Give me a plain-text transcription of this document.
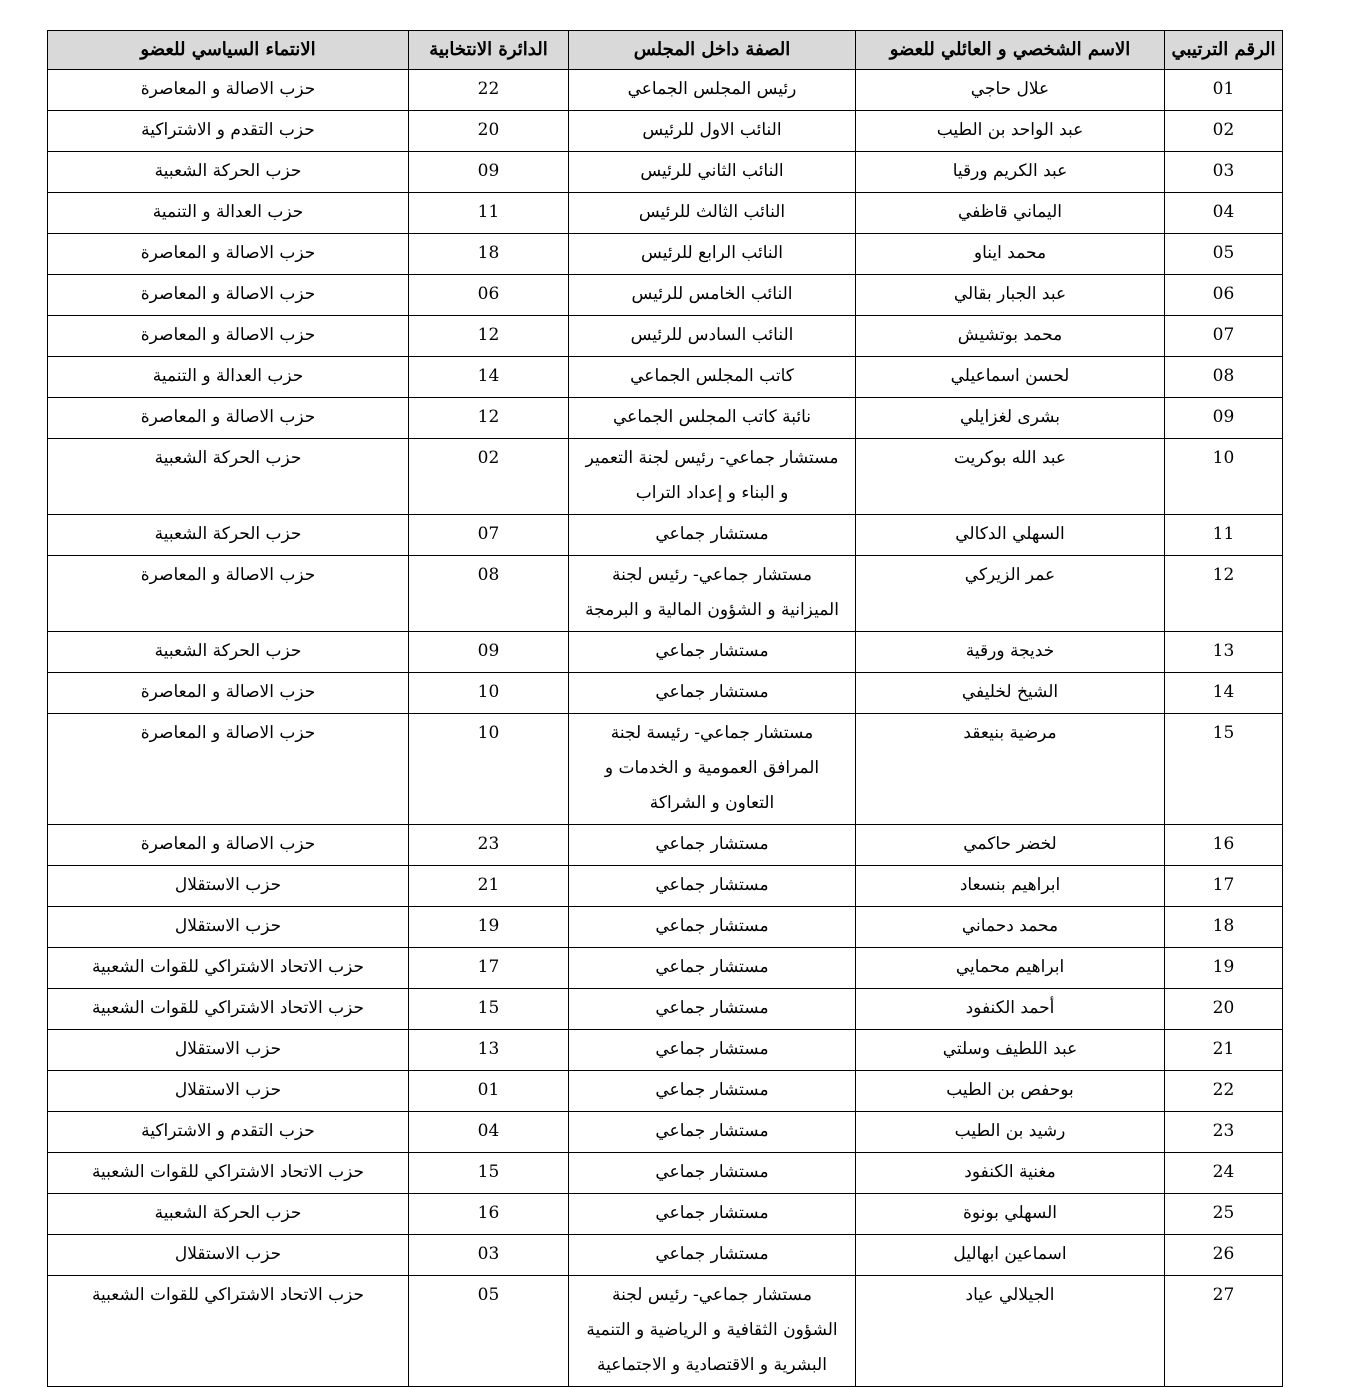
الرقم الترتيبي	الاسم الشخصي و العائلي للعضو	الصفة داخل المجلس	الدائرة الانتخابية	الانتماء السياسي للعضو
01	علال حاجي	رئيس المجلس الجماعي	22	حزب الاصالة و المعاصرة
02	عبد الواحد بن الطيب	النائب الاول للرئيس	20	حزب التقدم و الاشتراكية
03	عبد الكريم ورقيا	النائب الثاني للرئيس	09	حزب الحركة الشعبية
04	اليماني قاظفي	النائب الثالث للرئيس	11	حزب العدالة و التنمية
05	محمد ايناو	النائب الرابع للرئيس	18	حزب الاصالة و المعاصرة
06	عبد الجبار بقالي	النائب الخامس للرئيس	06	حزب الاصالة و المعاصرة
07	محمد بوتشيش	النائب السادس للرئيس	12	حزب الاصالة و المعاصرة
08	لحسن اسماعيلي	كاتب المجلس الجماعي	14	حزب العدالة و التنمية
09	بشرى لغزايلي	نائبة كاتب المجلس الجماعي	12	حزب الاصالة و المعاصرة
10	عبد الله بوكريت	مستشار جماعي- رئيس لجنة التعمير و البناء و إعداد التراب	02	حزب الحركة الشعبية
11	السهلي الدكالي	مستشار جماعي	07	حزب الحركة الشعبية
12	عمر الزيركي	مستشار جماعي- رئيس لجنة الميزانية و الشؤون المالية و البرمجة	08	حزب الاصالة و المعاصرة
13	خديجة ورقية	مستشار جماعي	09	حزب الحركة الشعبية
14	الشيخ لخليفي	مستشار جماعي	10	حزب الاصالة و المعاصرة
15	مرضية بنيعقد	مستشار جماعي- رئيسة لجنة المرافق العمومية و الخدمات و التعاون و الشراكة	10	حزب الاصالة و المعاصرة
16	لخضر حاكمي	مستشار جماعي	23	حزب الاصالة و المعاصرة
17	ابراهيم بنسعاد	مستشار جماعي	21	حزب الاستقلال
18	محمد دحماني	مستشار جماعي	19	حزب الاستقلال
19	ابراهيم محمايي	مستشار جماعي	17	حزب الاتحاد الاشتراكي للقوات الشعبية
20	أحمد الكنفود	مستشار جماعي	15	حزب الاتحاد الاشتراكي للقوات الشعبية
21	عبد اللطيف وسلتي	مستشار جماعي	13	حزب الاستقلال
22	بوحفص بن الطيب	مستشار جماعي	01	حزب الاستقلال
23	رشيد بن الطيب	مستشار جماعي	04	حزب التقدم و الاشتراكية
24	مغنية الكنفود	مستشار جماعي	15	حزب الاتحاد الاشتراكي للقوات الشعبية
25	السهلي بونوة	مستشار جماعي	16	حزب الحركة الشعبية
26	اسماعين ابهاليل	مستشار جماعي	03	حزب الاستقلال
27	الجيلالي عياد	مستشار جماعي- رئيس لجنة الشؤون الثقافية و الرياضية و التنمية البشرية و الاقتصادية و الاجتماعية	05	حزب الاتحاد الاشتراكي للقوات الشعبية
